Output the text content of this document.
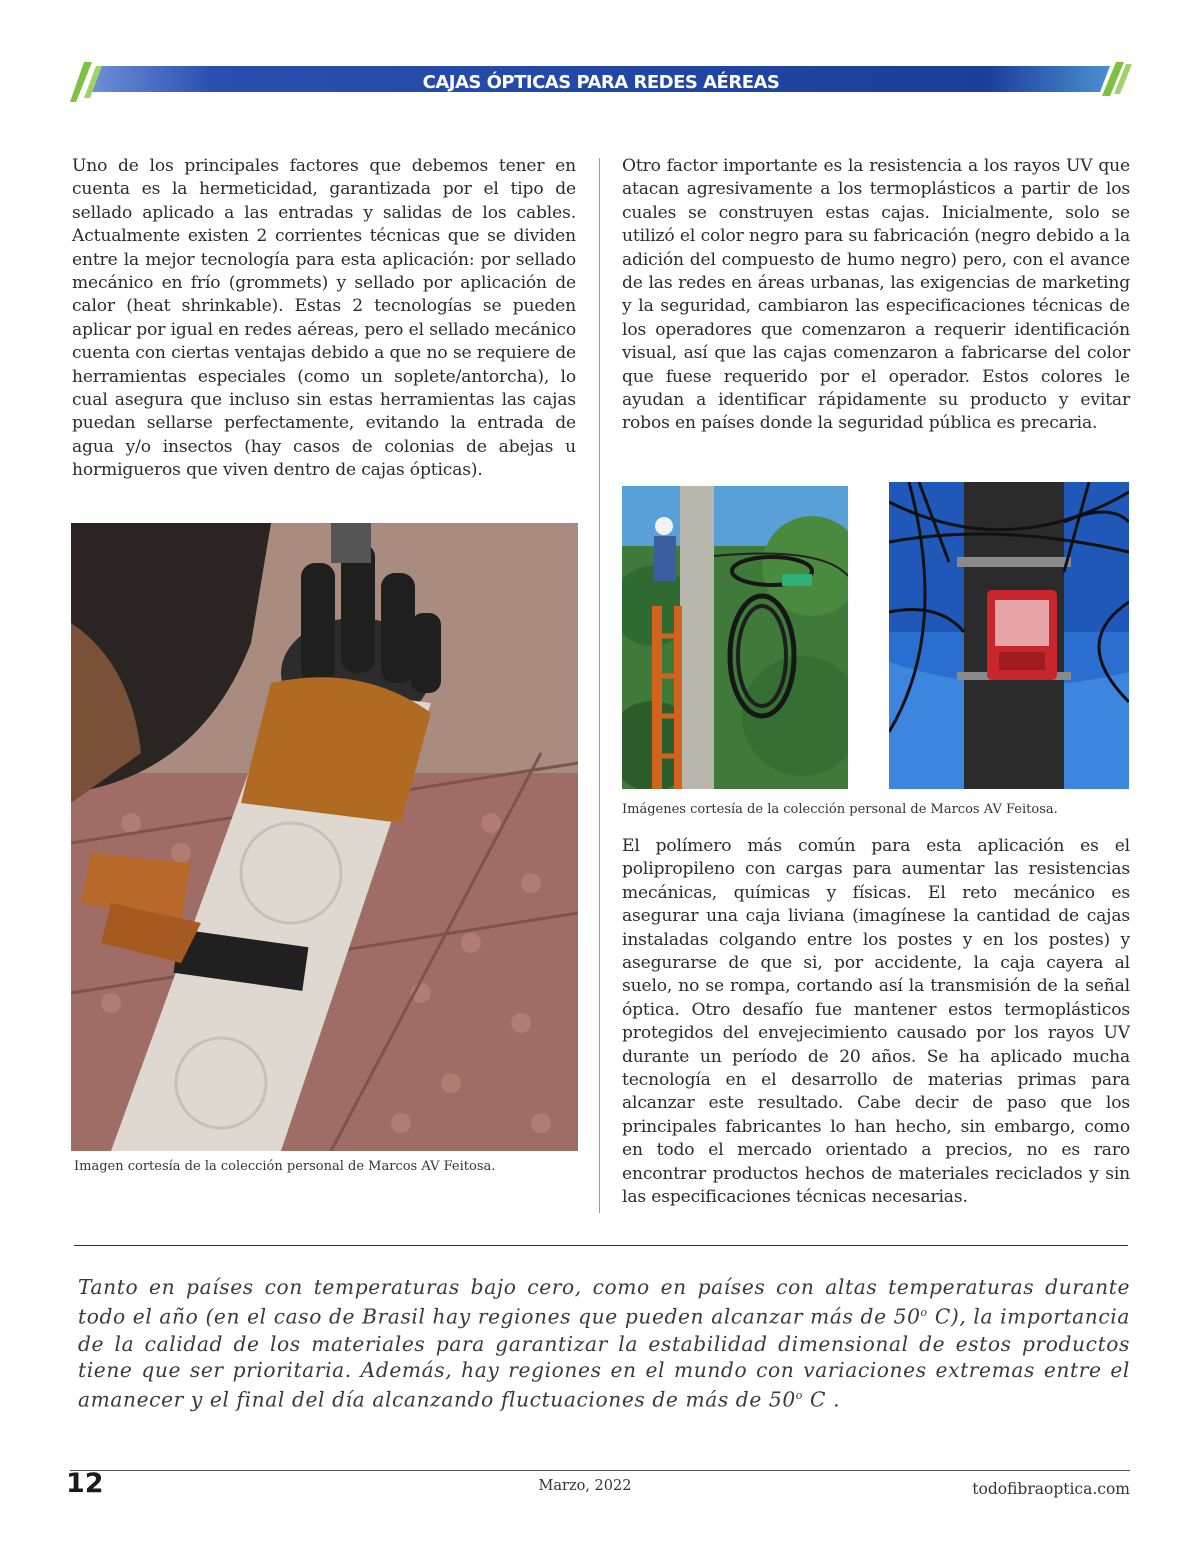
CAJAS ÓPTICAS PARA REDES AÉREAS

Uno de los principales factores que debemos tener en cuenta es la hermeticidad, garantizada por el tipo de sellado aplicado a las entradas y salidas de los cables. Actualmente existen 2 corrientes técnicas que se dividen entre la mejor tecnología para esta aplicación: por sellado mecánico en frío (grommets) y sellado por aplicación de calor (heat shrinkable). Estas 2 tecnologías se pueden aplicar por igual en redes aéreas, pero el sellado mecánico cuenta con ciertas ventajas debido a que no se requiere de herramientas especiales (como un soplete/antorcha), lo cual asegura que incluso sin estas herramientas las cajas puedan sellarse perfectamente, evitando la entrada de agua y/o insectos (hay casos de colonias de abejas u hormigueros que viven dentro de cajas ópticas).

Imagen cortesía de la colección personal de Marcos AV Feitosa.

Otro factor importante es la resistencia a los rayos UV que atacan agresivamente a los termoplásticos a partir de los cuales se construyen estas cajas. Inicialmente, solo se utilizó el color negro para su fabricación (negro debido a la adición del compuesto de humo negro) pero, con el avance de las redes en áreas urbanas, las exigencias de marketing y la seguridad, cambiaron las especificaciones técnicas de los operadores que comenzaron a requerir identificación visual, así que las cajas comenzaron a fabricarse del color que fuese requerido por el operador. Estos colores le ayudan a identificar rápidamente su producto y evitar robos en países donde la seguridad pública es precaria.

Imágenes cortesía de la colección personal de Marcos AV Feitosa.

El polímero más común para esta aplicación es el polipropileno con cargas para aumentar las resistencias mecánicas, químicas y físicas. El reto mecánico es asegurar una caja liviana (imagínese la cantidad de cajas instaladas colgando entre los postes y en los postes) y asegurarse de que si, por accidente, la caja cayera al suelo, no se rompa, cortando así la transmisión de la señal óptica. Otro desafío fue mantener estos termoplásticos protegidos del envejecimiento causado por los rayos UV durante un período de 20 años. Se ha aplicado mucha tecnología en el desarrollo de materias primas para alcanzar este resultado. Cabe decir de paso que los principales fabricantes lo han hecho, sin embargo, como en todo el mercado orientado a precios, no es raro encontrar productos hechos de materiales reciclados y sin las especificaciones técnicas necesarias.

Tanto en países con temperaturas bajo cero, como en países con altas temperaturas durante todo el año (en el caso de Brasil hay regiones que pueden alcanzar más de 50$^o$ C), la importancia de la calidad de los materiales para garantizar la estabilidad dimensional de estos productos tiene que ser prioritaria. Además, hay regiones en el mundo con variaciones extremas entre el amanecer y el final del día alcanzando fluctuaciones de más de 50$^o$ C .
12	Marzo, 2022	todofibraoptica.com
